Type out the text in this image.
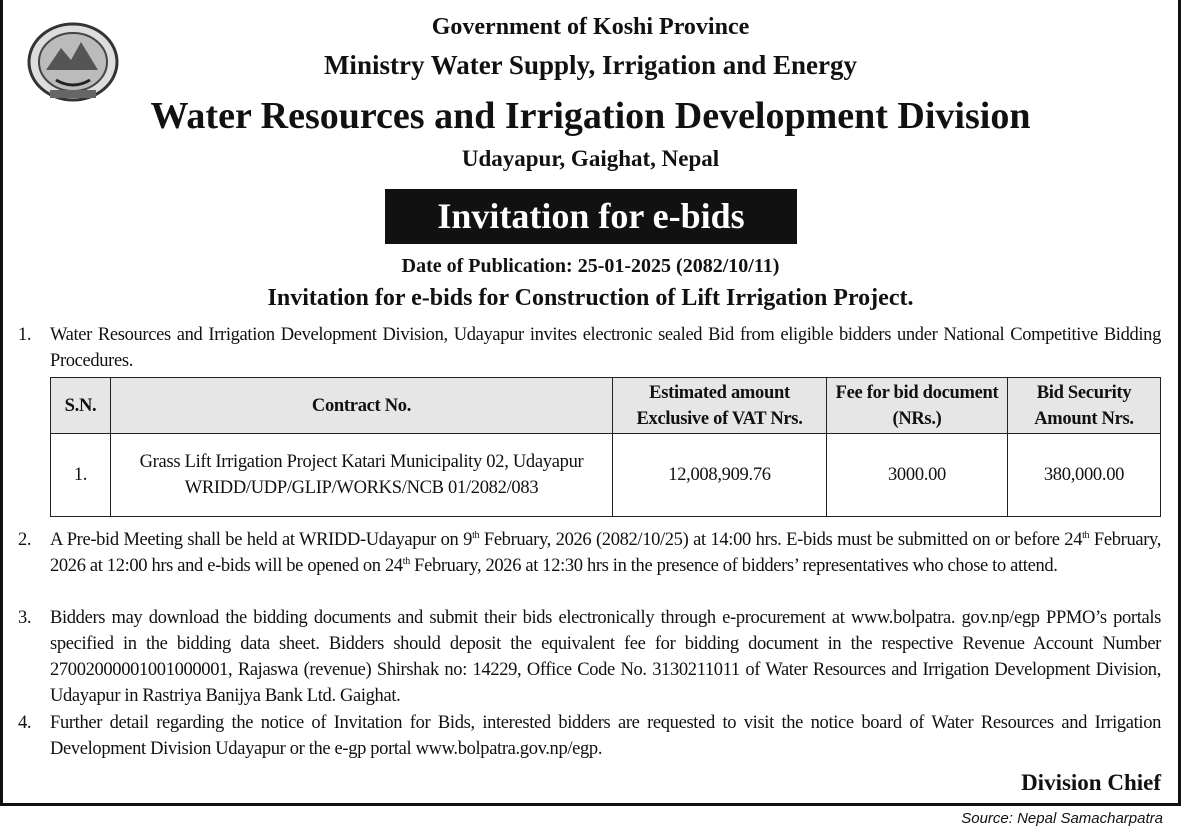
Government of Koshi Province
Ministry Water Supply, Irrigation and Energy
Water Resources and Irrigation Development Division
Udayapur, Gaighat, Nepal
Invitation for e-bids
Date of Publication: 25-01-2025 (2082/10/11)
Invitation for e-bids for Construction of Lift Irrigation Project.
1. Water Resources and Irrigation Development Division, Udayapur invites electronic sealed Bid from eligible bidders under National Competitive Bidding Procedures.
S.N.	Contract No.	Estimated amount Exclusive of VAT Nrs.	Fee for bid document (NRs.)	Bid Security Amount Nrs.
1.	Grass Lift Irrigation Project Katari Municipality 02, Udayapur WRIDD/UDP/GLIP/WORKS/NCB 01/2082/083	12,008,909.76	3000.00	380,000.00
2. A Pre-bid Meeting shall be held at WRIDD-Udayapur on 9th February, 2026 (2082/10/25) at 14:00 hrs. E-bids must be submitted on or before 24th February, 2026 at 12:00 hrs and e-bids will be opened on 24th February, 2026 at 12:30 hrs in the presence of bidders’ representatives who chose to attend.
3. Bidders may download the bidding documents and submit their bids electronically through e-procurement at www.bolpatra. gov.np/egp PPMO’s portals specified in the bidding data sheet. Bidders should deposit the equivalent fee for bidding document in the respective Revenue Account Number 27002000001001000001, Rajaswa (revenue) Shirshak no: 14229, Office Code No. 3130211011 of Water Resources and Irrigation Development Division, Udayapur in Rastriya Banijya Bank Ltd. Gaighat.
4. Further detail regarding the notice of Invitation for Bids, interested bidders are requested to visit the notice board of Water Resources and Irrigation Development Division Udayapur or the e-gp portal www.bolpatra.gov.np/egp.
Division Chief
Source: Nepal Samacharpatra
